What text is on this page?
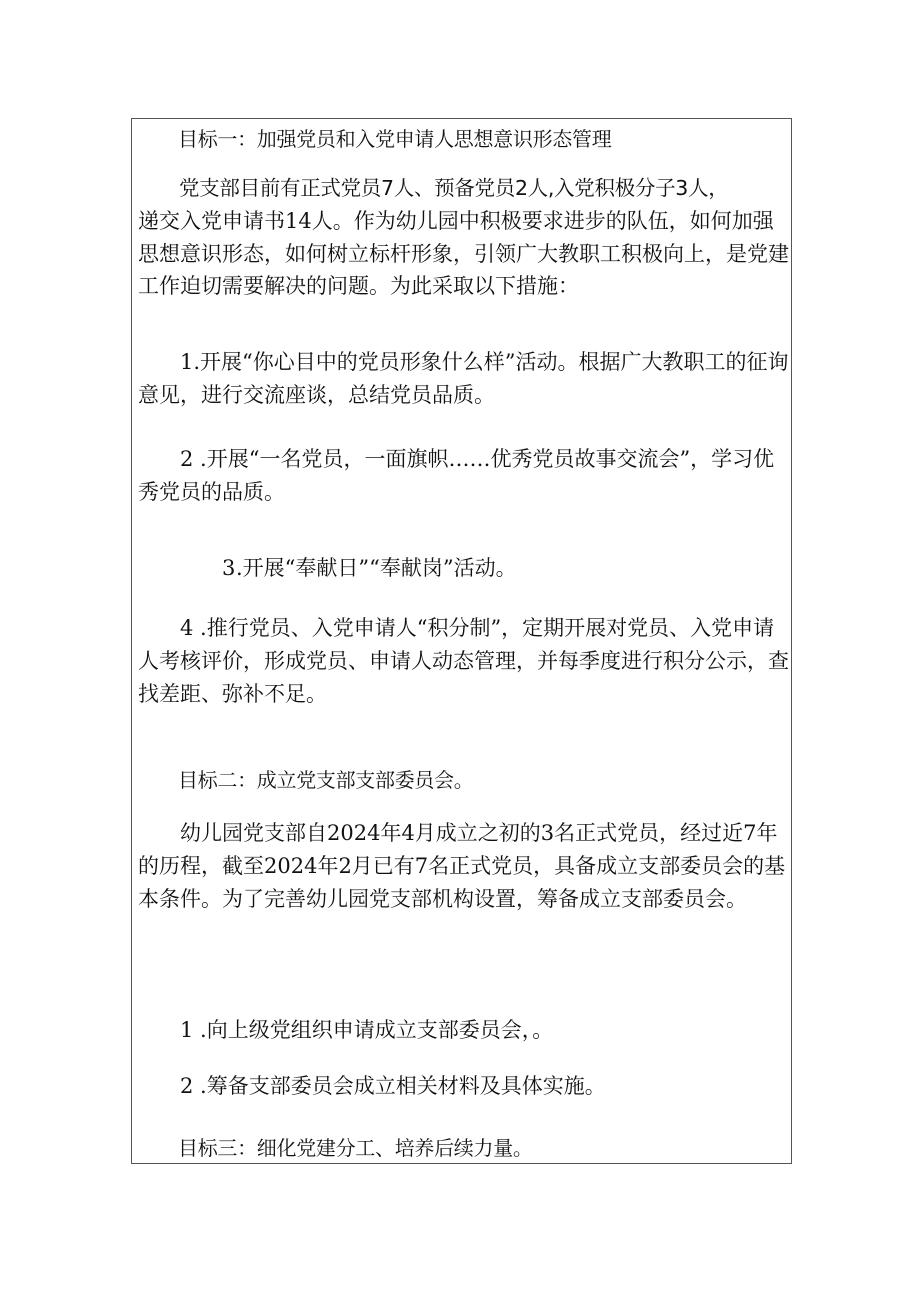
目标一：加强党员和入党申请人思想意识形态管理

党支部目前有正式党员7人、预备党员2人,入党积极分子3人，
递交入党申请书14人。作为幼儿园中积极要求进步的队伍，如何加强思想意识形态，如何树立标杆形象，引领广大教职工积极向上，是党建工作迫切需要解决的问题。为此采取以下措施：

1.开展“你心目中的党员形象什么样”活动。根据广大教职工的征询意见，进行交流座谈，总结党员品质。

2 .开展“一名党员，一面旗帜……优秀党员故事交流会”，学习优秀党员的品质。

3.开展“奉献日”“奉献岗”活动。

4 .推行党员、入党申请人“积分制”，定期开展对党员、入党申请人考核评价，形成党员、申请人动态管理，并每季度进行积分公示，查找差距、弥补不足。

目标二：成立党支部支部委员会。

幼儿园党支部自2024年4月成立之初的3名正式党员，经过近7年的历程，截至2024年2月已有7名正式党员，具备成立支部委员会的基本条件。为了完善幼儿园党支部机构设置，筹备成立支部委员会。

1 .向上级党组织申请成立支部委员会，。

2 .筹备支部委员会成立相关材料及具体实施。

目标三：细化党建分工、培养后续力量。
